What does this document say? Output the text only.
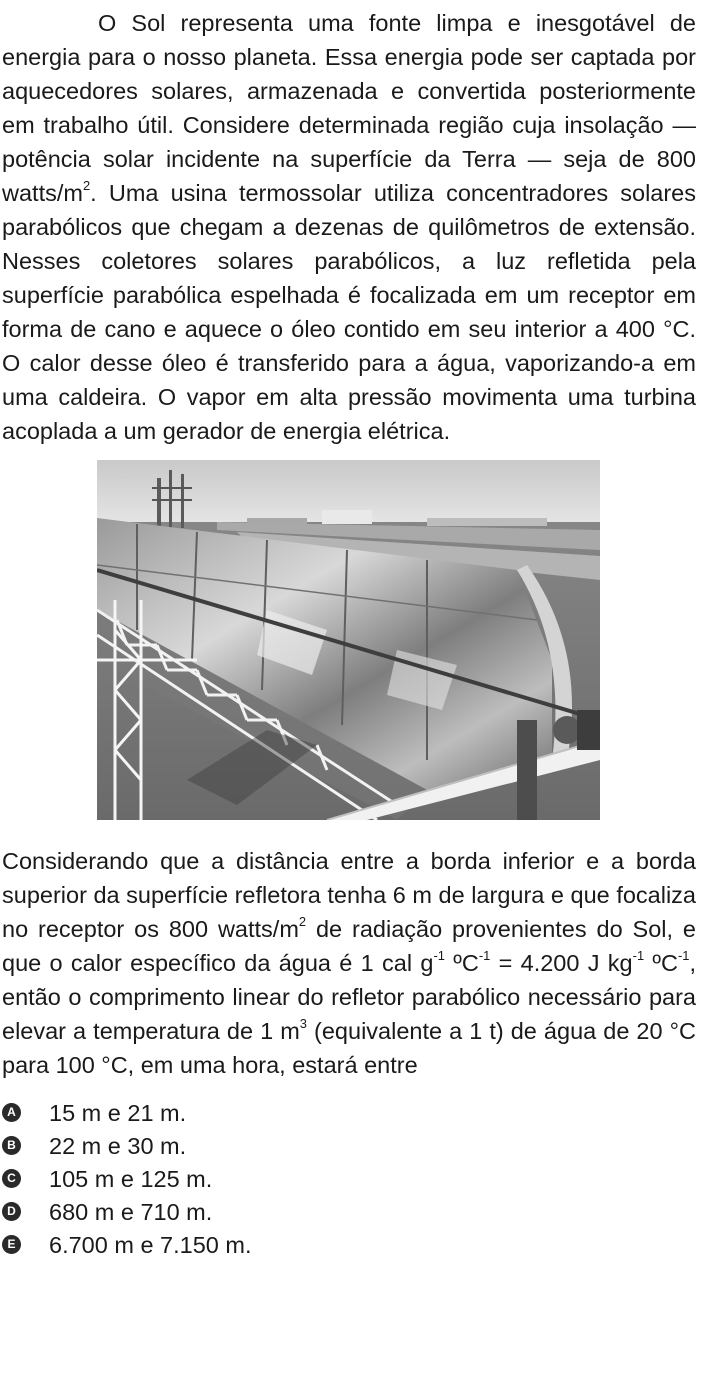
O Sol representa uma fonte limpa e inesgotável de energia para o nosso planeta. Essa energia pode ser captada por aquecedores solares, armazenada e convertida posteriormente em trabalho útil. Considere determinada região cuja insolação — potência solar incidente na superfície da Terra — seja de 800 watts/$m^2$. Uma usina termossolar utiliza concentradores solares parabólicos que chegam a dezenas de quilômetros de extensão. Nesses coletores solares parabólicos, a luz refletida pela superfície parabólica espelhada é focalizada em um receptor em forma de cano e aquece o óleo contido em seu interior a 400 °C. O calor desse óleo é transferido para a água, vaporizando-a em uma caldeira. O vapor em alta pressão movimenta uma turbina acoplada a um gerador de energia elétrica.

Considerando que a distância entre a borda inferior e a borda superior da superfície refletora tenha 6 m de largura e que focaliza no receptor os 800 watts/$m^2$ de radiação provenientes do Sol, e que o calor específico da água é 1 cal $g^{-1}$ ºC$^{-1}$ = 4.200 J $kg^{-1}$ ºC$^{-1}$, então o comprimento linear do refletor parabólico necessário para elevar a temperatura de 1 $m^3$ (equivalente a 1 t) de água de 20 °C para 100 °C, em uma hora, estará entre

A 15 m e 21 m.
B 22 m e 30 m.
C 105 m e 125 m.
D 680 m e 710 m.
E 6.700 m e 7.150 m.
